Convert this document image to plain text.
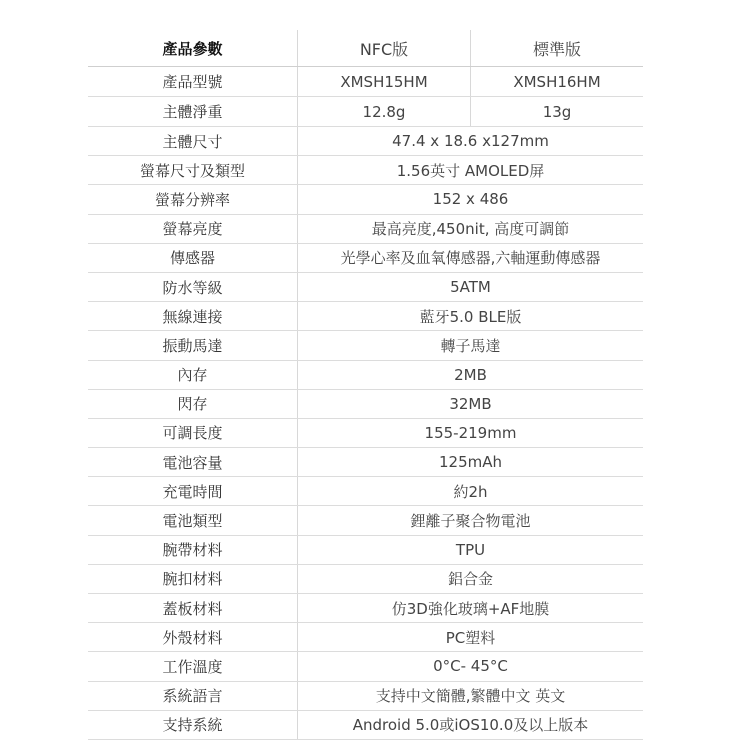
產品參數	NFC版	標準版
產品型號	XMSH15HM	XMSH16HM
主體淨重	12.8g	13g
主體尺寸	47.4 x 18.6 x127mm
螢幕尺寸及類型	1.56英寸 AMOLED屏
螢幕分辨率	152 x 486
螢幕亮度	最高亮度,450nit, 高度可調節
傳感器	光學心率及血氧傳感器,六軸運動傳感器
防水等級	5ATM
無線連接	藍牙5.0 BLE版
振動馬達	轉子馬達
內存	2MB
閃存	32MB
可調長度	155-219mm
電池容量	125mAh
充電時間	約2h
電池類型	鋰離子聚合物電池
腕帶材料	TPU
腕扣材料	鋁合金
蓋板材料	仿3D強化玻璃+AF地膜
外殼材料	PC塑料
工作溫度	0°C- 45°C
系統語言	支持中文簡體,繁體中文 英文
支持系統	Android 5.0或iOS10.0及以上版本
